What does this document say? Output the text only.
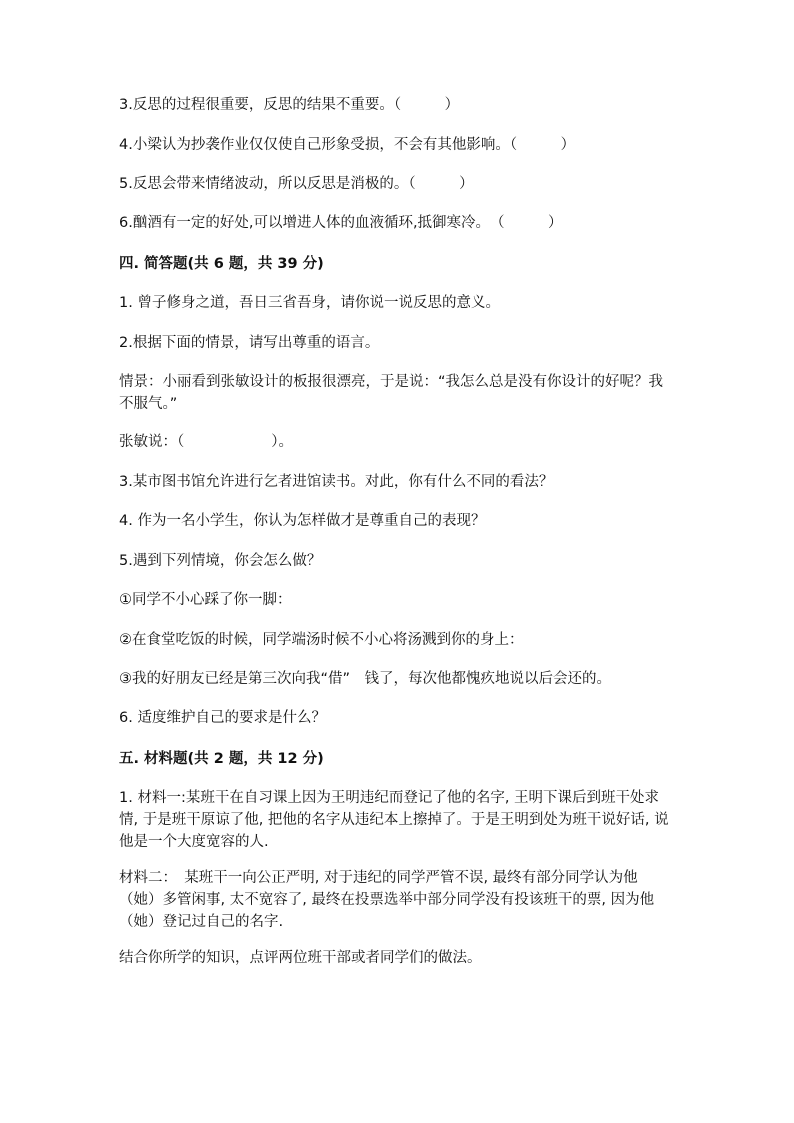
3.反思的过程很重要，反思的结果不重要。（　　　）
4.小梁认为抄袭作业仅仅使自己形象受损，不会有其他影响。（　　　）
5.反思会带来情绪波动，所以反思是消极的。（　　　）
6.酗酒有一定的好处,可以增进人体的血液循环,抵御寒冷。　（　　　）
四. 简答题(共 6 题，共 39 分)
1. 曾子修身之道，吾日三省吾身，请你说一说反思的意义。
2.根据下面的情景，请写出尊重的语言。
情景：小丽看到张敏设计的板报很漂亮，于是说：“我怎么总是没有你设计的好呢？我不服气。”
张敏说：（　　　　　　）。
3.某市图书馆允许进行乞者进馆读书。对此，你有什么不同的看法？
4. 作为一名小学生，你认为怎样做才是尊重自己的表现？
5.遇到下列情境，你会怎么做？
①同学不小心踩了你一脚：
②在食堂吃饭的时候，同学端汤时候不小心将汤溅到你的身上：
③我的好朋友已经是第三次向我“借”　钱了，每次他都愧疚地说以后会还的。
6. 适度维护自己的要求是什么？
五. 材料题(共 2 题，共 12 分)
1. 材料一:某班干在自习课上因为王明违纪而登记了他的名字, 王明下课后到班干处求情, 于是班干原谅了他, 把他的名字从违纪本上擦掉了。于是王明到处为班干说好话, 说他是一个大度宽容的人.
材料二：　某班干一向公正严明, 对于违纪的同学严管不误, 最终有部分同学认为他（她）多管闲事, 太不宽容了, 最终在投票选举中部分同学没有投该班干的票, 因为他（她）登记过自己的名字.
结合你所学的知识，点评两位班干部或者同学们的做法。
